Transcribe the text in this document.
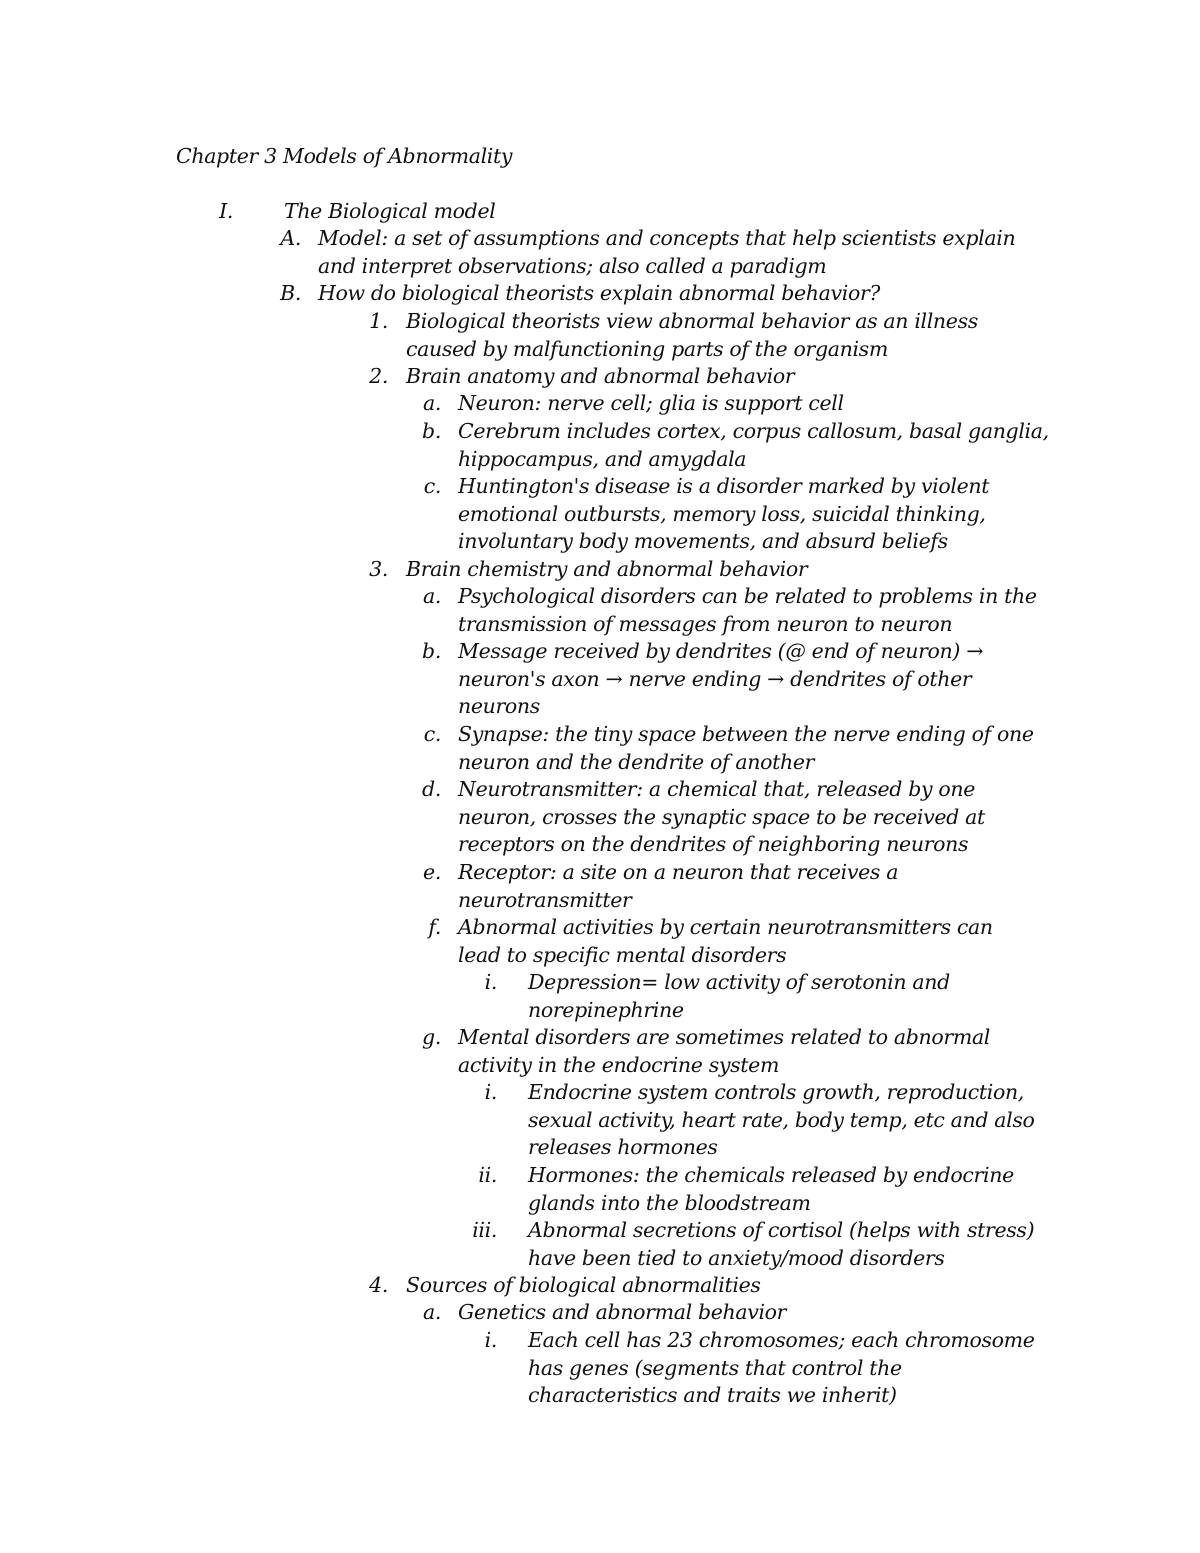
Chapter 3 Models of Abnormality
I. The Biological model
A. Model: a set of assumptions and concepts that help scientists explain
and interpret observations; also called a paradigm
B. How do biological theorists explain abnormal behavior?
1. Biological theorists view abnormal behavior as an illness
caused by malfunctioning parts of the organism
2. Brain anatomy and abnormal behavior
a. Neuron: nerve cell; glia is support cell
b. Cerebrum includes cortex, corpus callosum, basal ganglia,
hippocampus, and amygdala
c. Huntington's disease is a disorder marked by violent
emotional outbursts, memory loss, suicidal thinking,
involuntary body movements, and absurd beliefs
3. Brain chemistry and abnormal behavior
a. Psychological disorders can be related to problems in the
transmission of messages from neuron to neuron
b. Message received by dendrites (@ end of neuron) →
neuron's axon → nerve ending → dendrites of other
neurons
c. Synapse: the tiny space between the nerve ending of one
neuron and the dendrite of another
d. Neurotransmitter: a chemical that, released by one
neuron, crosses the synaptic space to be received at
receptors on the dendrites of neighboring neurons
e. Receptor: a site on a neuron that receives a
neurotransmitter
f. Abnormal activities by certain neurotransmitters can
lead to specific mental disorders
i. Depression= low activity of serotonin and
norepinephrine
g. Mental disorders are sometimes related to abnormal
activity in the endocrine system
i. Endocrine system controls growth, reproduction,
sexual activity, heart rate, body temp, etc and also
releases hormones
ii. Hormones: the chemicals released by endocrine
glands into the bloodstream
iii. Abnormal secretions of cortisol (helps with stress)
have been tied to anxiety/mood disorders
4. Sources of biological abnormalities
a. Genetics and abnormal behavior
i. Each cell has 23 chromosomes; each chromosome
has genes (segments that control the
characteristics and traits we inherit)
